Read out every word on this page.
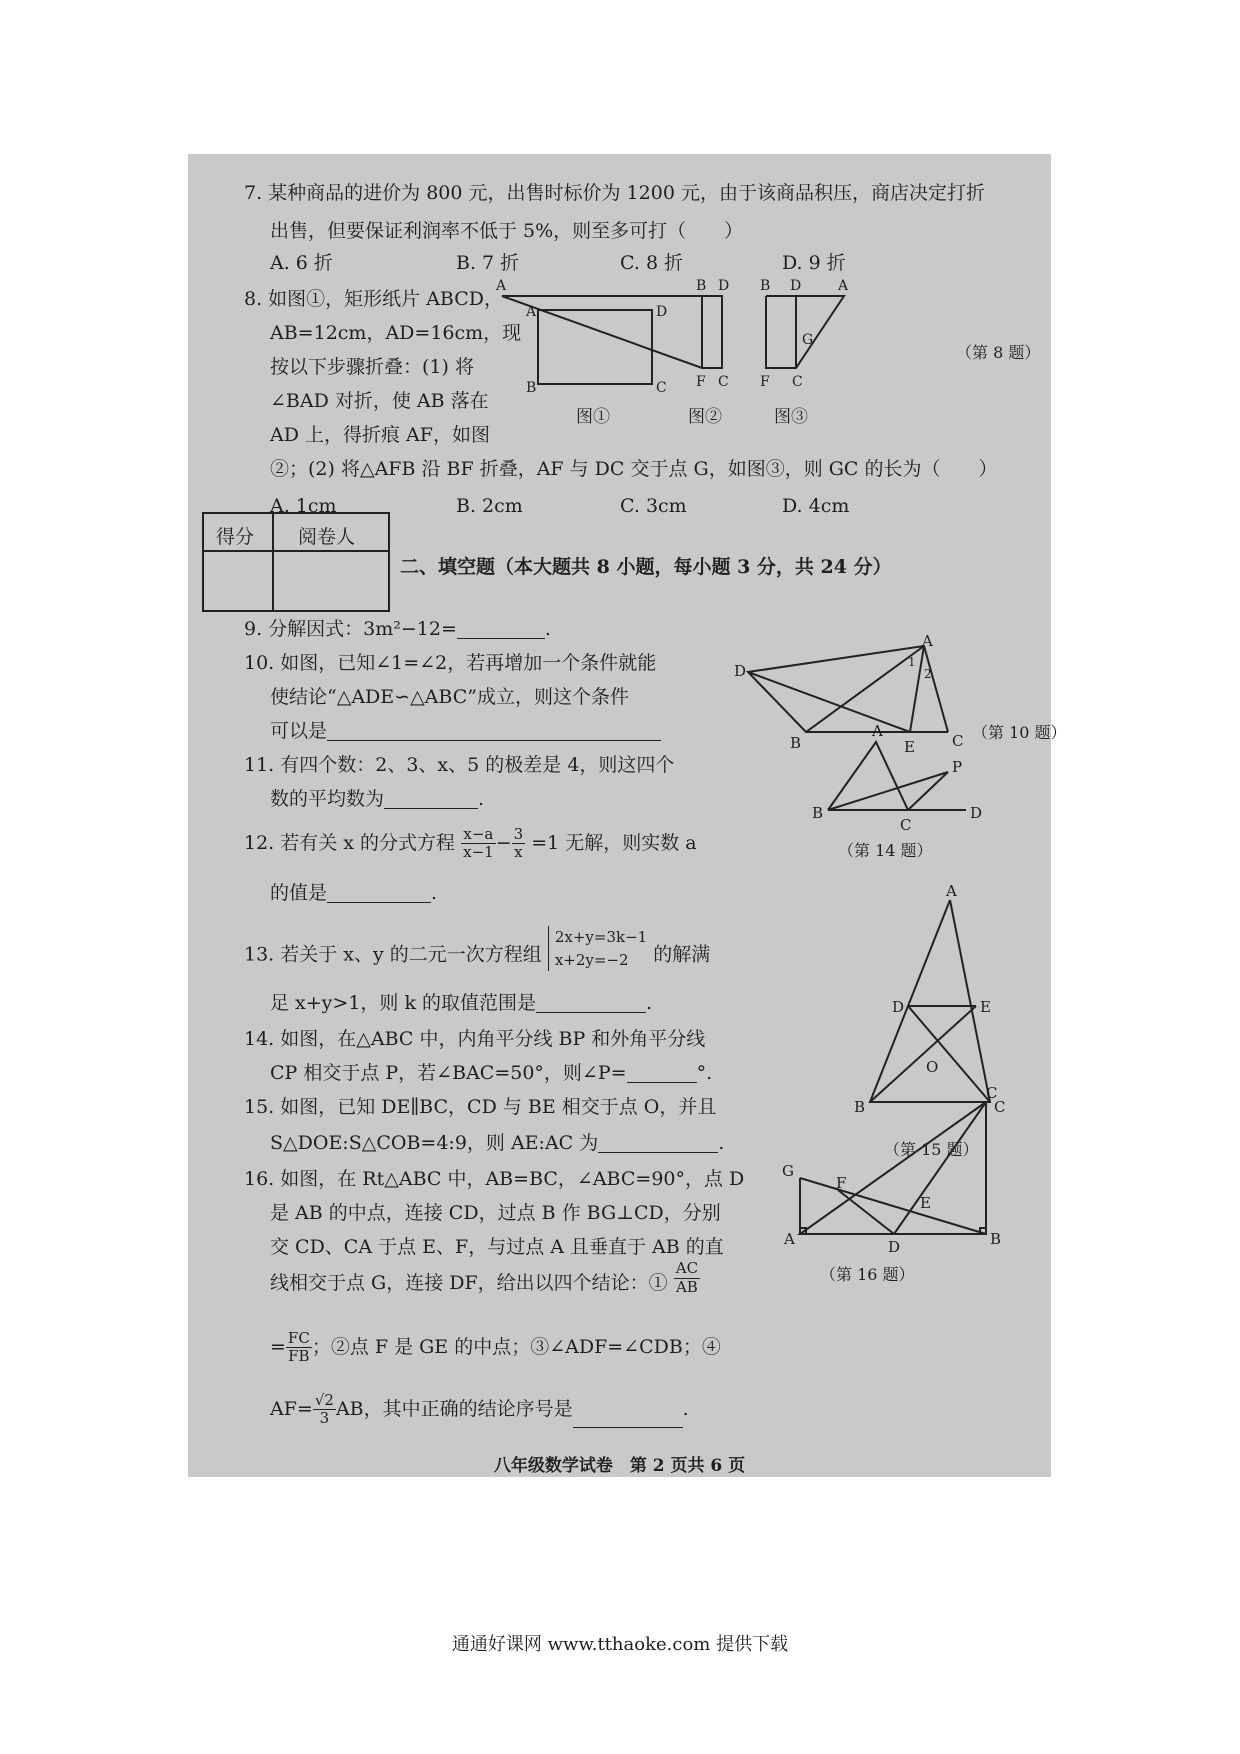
7. 某种商品的进价为 800 元，出售时标价为 1200 元，由于该商品积压，商店决定打折
出售，但要保证利润率不低于 5%，则至多可打（　　）
A. 6 折	B. 7 折	C. 8 折	D. 9 折
8. 如图①，矩形纸片 ABCD，
AB=12cm，AD=16cm，现
按以下步骤折叠：(1) 将
∠BAD 对折，使 AB 落在
AD 上，得折痕 AF，如图
②；(2) 将△AFB 沿 BF 折叠，AF 与 DC 交于点 G，如图③，则 GC 的长为（　　）
A. 1cm	B. 2cm	C. 3cm	D. 4cm
A	D
B	C
图①
A	B D
F C
图②
B D	A
G
F C
图③
（第 8 题）
得分 阅卷人
二、填空题（本大题共 8 小题，每小题 3 分，共 24 分）
9. 分解因式：3m²−12=	.
10. 如图，已知∠1=∠2，若再增加一个条件就能
使结论“△ADE∽△ABC”成立，则这个条件
可以是
A
D
B	E C
1
2
（第 10 题）
11. 有四个数：2、3、x、5 的极差是 4，则这四个
数的平均数为	.
12. 若有关 x 的分式方程 $\frac{x-a}{x-1} - \frac{3}{x} =1$ 无解，则实数 a
的值是	.
A
B
C
D
P
（第 14 题）
13. 若关于 x、y 的二元一次方程组
2x+y=3k−1
x+2y=−2	的解满
足 x+y>1，则 k 的取值范围是	.
14. 如图，在△ABC 中，内角平分线 BP 和外角平分线
CP 相交于点 P，若∠BAC=50°，则∠P=	°.
15. 如图，已知 DE∥BC，CD 与 BE 相交于点 O，并且
S△DOE:S△COB=4:9，则 AE:AC 为	.
A
D	E
B	C
O
（第 15 题）
16. 如图，在 Rt△ABC 中，AB=BC，∠ABC=90°，点 D
是 AB 的中点，连接 CD，过点 B 作 BG⊥CD，分别
交 CD、CA 于点 E、F，与过点 A 且垂直于 AB 的直
线相交于点 G，连接 DF，给出以四个结论：① $\frac{AC}{AB}$
= $\frac{FC}{FB}$ ；②点 F 是 GE 的中点；③∠ADF=∠CDB；④
$AF= \frac{√2}{3}$ AB，其中正确的结论序号是	.
C
G
F
E
A	D	B
（第 16 题）
八年级数学试卷　第 2 页共 6 页
通通好课网 www.tthaoke.com 提供下载
